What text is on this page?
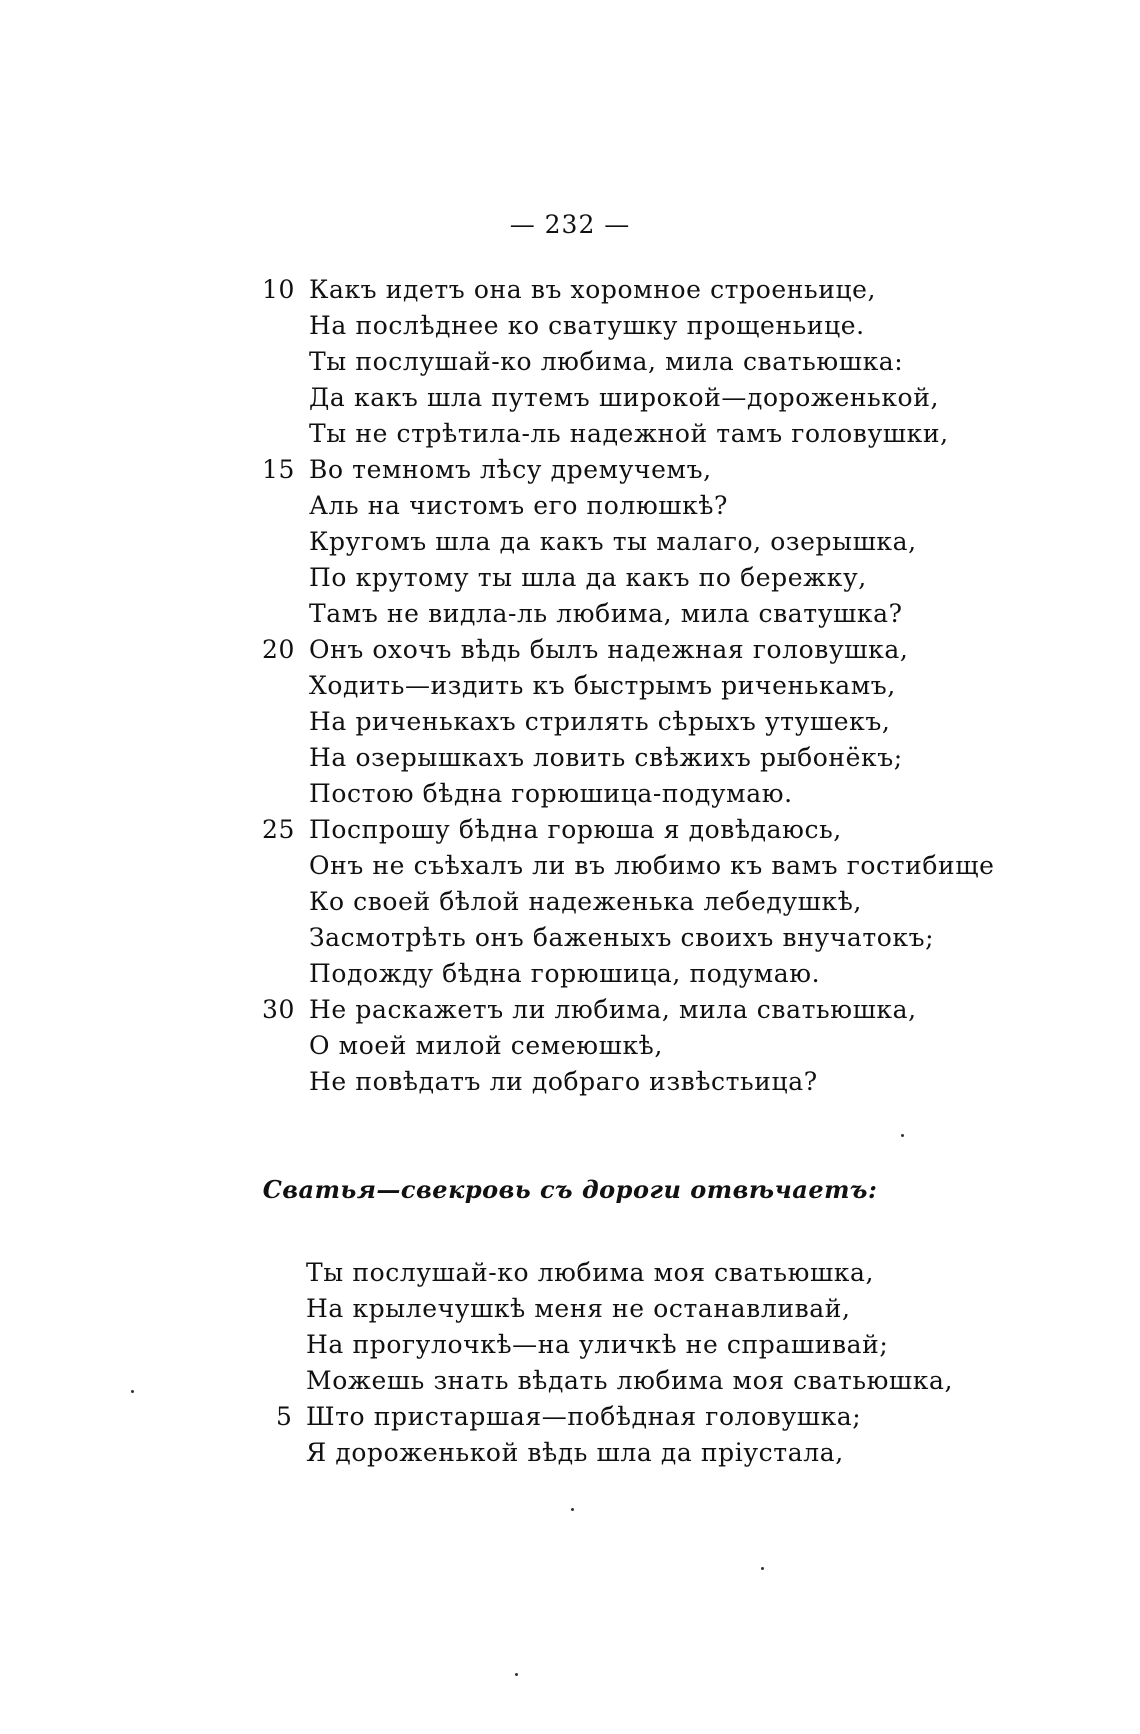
— 232 —
10 Какъ идетъ она въ хоромное строеньице,
На послѣднее ко сватушку прощеньице.
Ты послушай-ко любима, мила сватьюшка:
Да какъ шла путемъ широкой—дороженькой,
Ты не стрѣтила-ль надежной тамъ головушки,
15 Во темномъ лѣсу дремучемъ,
Аль на чистомъ его полюшкѣ?
Кругомъ шла да какъ ты малаго, озерышка,
По крутому ты шла да какъ по бережку,
Тамъ не видла-ль любима, мила сватушка?
20 Онъ охочъ вѣдь былъ надежная головушка,
Ходить—издить къ быстрымъ риченькамъ,
На риченькахъ стрилять сѣрыхъ утушекъ,
На озерышкахъ ловить свѣжихъ рыбонёкъ;
Постою бѣдна горюшица-подумаю.
25 Поспрошу бѣдна горюша я довѣдаюсь,
Онъ не съѣхалъ ли въ любимо къ вамъ гостибище
Ко своей бѣлой надеженька лебедушкѣ,
Засмотрѣть онъ баженыхъ своихъ внучатокъ;
Подожду бѣдна горюшица, подумаю.
30 Не раскажетъ ли любима, мила сватьюшка,
О моей милой семеюшкѣ,
Не повѣдатъ ли добраго извѣстьица?
Сватья—свекровь съ дороги отвѣчаетъ:
Ты послушай-ко любима моя сватьюшка,
На крылечушкѣ меня не останавливай,
На прогулочкѣ—на уличкѣ не спрашивай;
Можешь знать вѣдать любима моя сватьюшка,
5 Што пристаршая—побѣдная головушка;
Я дороженькой вѣдь шла да пріустала,
